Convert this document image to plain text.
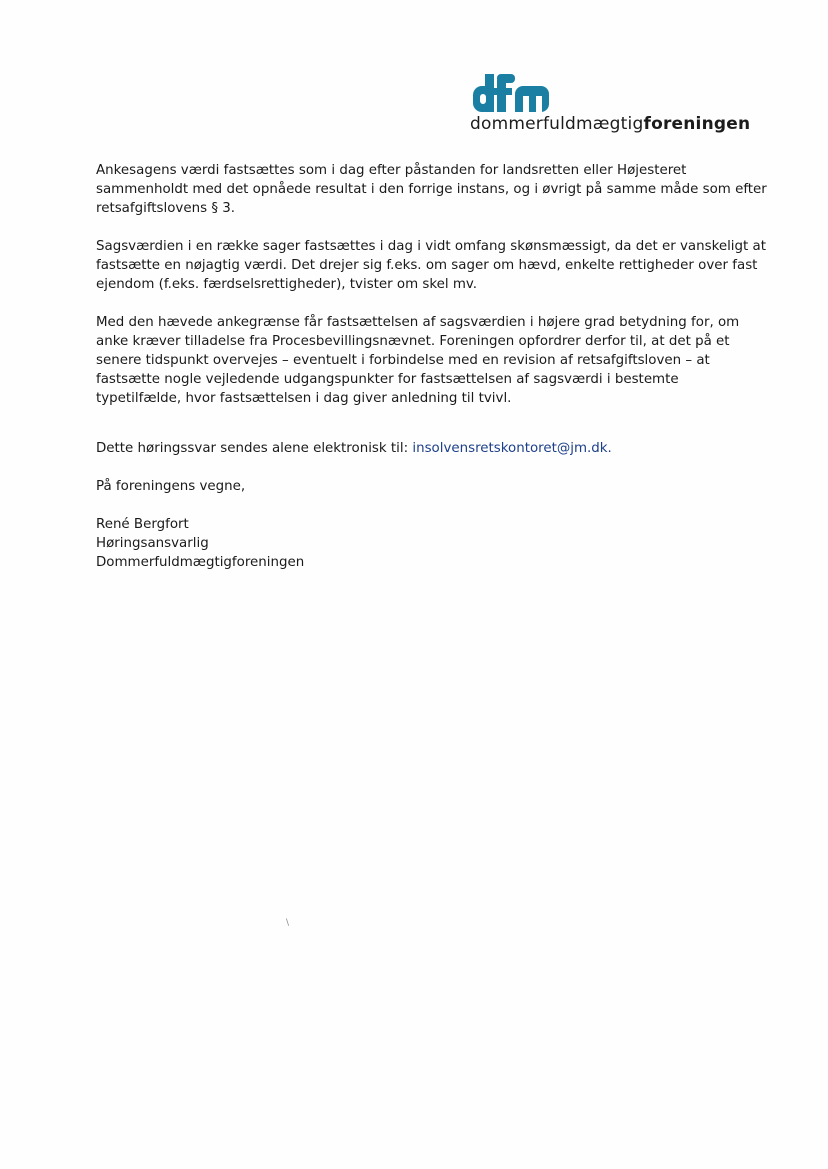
dommerfuldmægtigforeningen

Ankesagens værdi fastsættes som i dag efter påstanden for landsretten eller Højesteret sammenholdt med det opnåede resultat i den forrige instans, og i øvrigt på samme måde som efter retsafgiftslovens § 3.

Sagsværdien i en række sager fastsættes i dag i vidt omfang skønsmæssigt, da det er vanskeligt at fastsætte en nøjagtig værdi. Det drejer sig f.eks. om sager om hævd, enkelte rettigheder over fast ejendom (f.eks. færdselsrettigheder), tvister om skel mv.

Med den hævede ankegrænse får fastsættelsen af sagsværdien i højere grad betydning for, om anke kræver tilladelse fra Procesbevillingsnævnet. Foreningen opfordrer derfor til, at det på et senere tidspunkt overvejes – eventuelt i forbindelse med en revision af retsafgiftsloven – at fastsætte nogle vejledende udgangspunkter for fastsættelsen af sagsværdi i bestemte typetilfælde, hvor fastsættelsen i dag giver anledning til tvivl.

Dette høringssvar sendes alene elektronisk til: insolvensretskontoret@jm.dk.

På foreningens vegne,

René Bergfort
Høringsansvarlig
Dommerfuldmægtigforeningen
\
